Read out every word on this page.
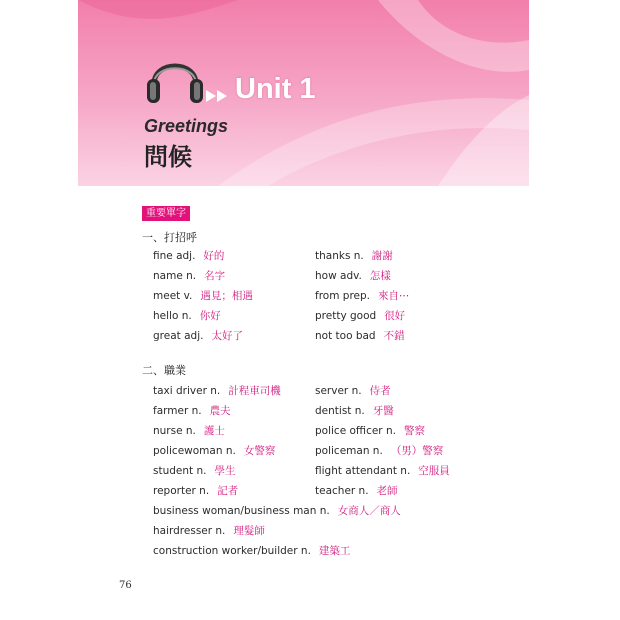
Unit 1
Greetings
問候
重要單字
一、打招呼
fine adj. 好的
name n. 名字
meet v. 遇見；相遇
hello n. 你好
great adj. 太好了
thanks n. 謝謝
how adv. 怎樣
from prep. 來自⋯
pretty good 很好
not too bad 不錯
二、職業
taxi driver n. 計程車司機
farmer n. 農夫
nurse n. 護士
policewoman n. 女警察
student n. 學生
reporter n. 記者
server n. 侍者
dentist n. 牙醫
police officer n. 警察
policeman n. （男）警察
flight attendant n. 空服員
teacher n. 老師
business woman/business man n. 女商人／商人
hairdresser n. 理髮師
construction worker/builder n. 建築工
76
